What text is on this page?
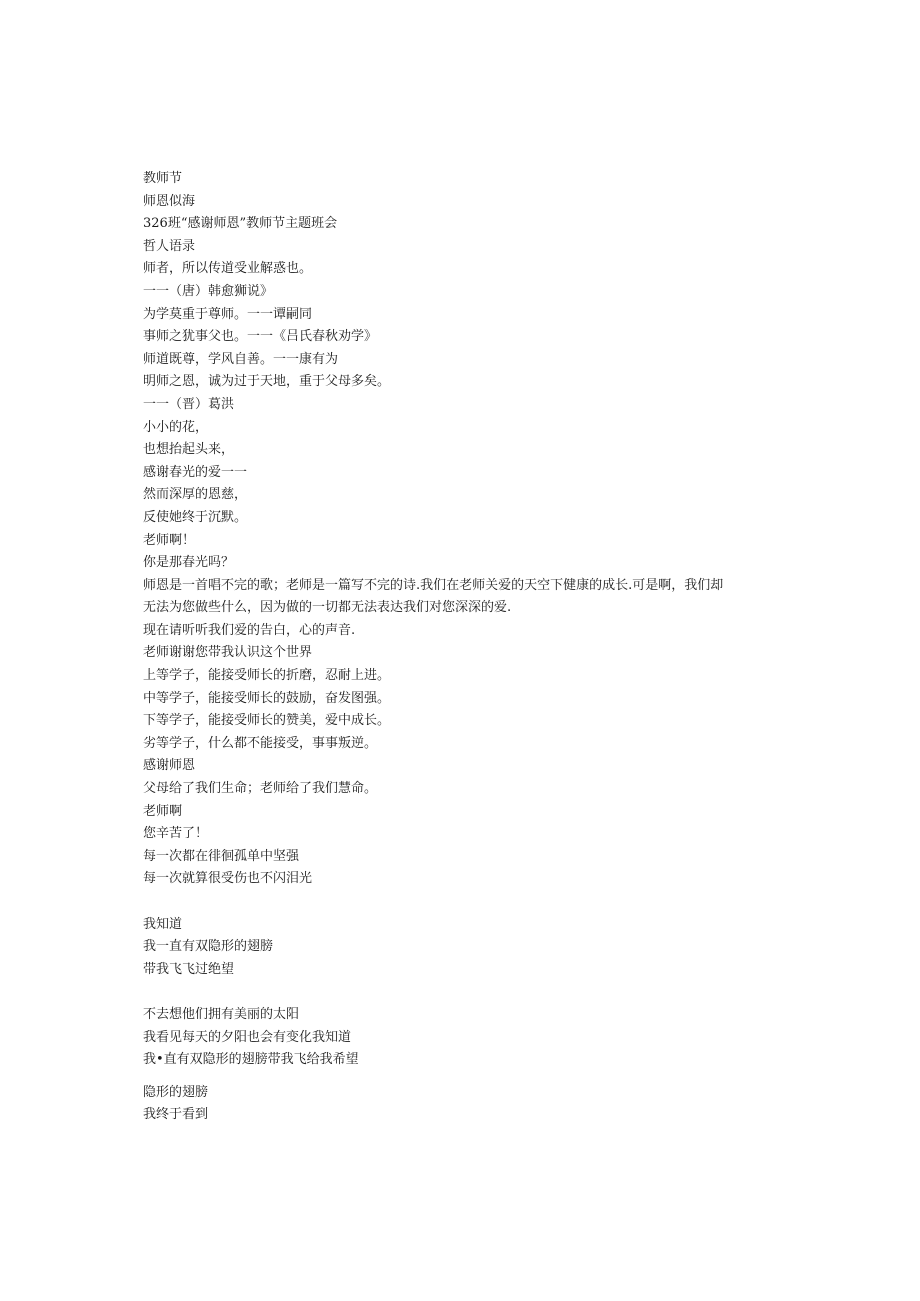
教师节
师恩似海
326班“感谢师恩”教师节主题班会
哲人语录
师者，所以传道受业解惑也。
一一（唐）韩愈狮说》
为学莫重于尊师。一一谭嗣同
事师之犹事父也。一一《吕氏春秋劝学》
师道既尊，学风自善。一一康有为
明师之恩，诚为过于天地，重于父母多矣。
一一（晋）葛洪
小小的花，
也想抬起头来，
感谢春光的爱一一
然而深厚的恩慈，
反使她终于沉默。
老师啊！
你是那春光吗？
师恩是一首唱不完的歌；老师是一篇写不完的诗.我们在老师关爱的天空下健康的成长.可是啊，我们却
无法为您做些什么，因为做的一切都无法表达我们对您深深的爱.
现在请听听我们爱的告白，心的声音.
老师谢谢您带我认识这个世界
上等学子，能接受师长的折磨，忍耐上进。
中等学子，能接受师长的鼓励，奋发图强。
下等学子，能接受师长的赞美，爱中成长。
劣等学子，什么都不能接受，事事叛逆。
感谢师恩
父母给了我们生命；老师给了我们慧命。
老师啊
您辛苦了！
每一次都在徘徊孤单中坚强
每一次就算很受伤也不闪泪光
我知道
我一直有双隐形的翅膀
带我飞飞过绝望
不去想他们拥有美丽的太阳
我看见每天的夕阳也会有变化我知道
我•直有双隐形的翅膀带我飞给我希望
隐形的翅膀
我终于看到
